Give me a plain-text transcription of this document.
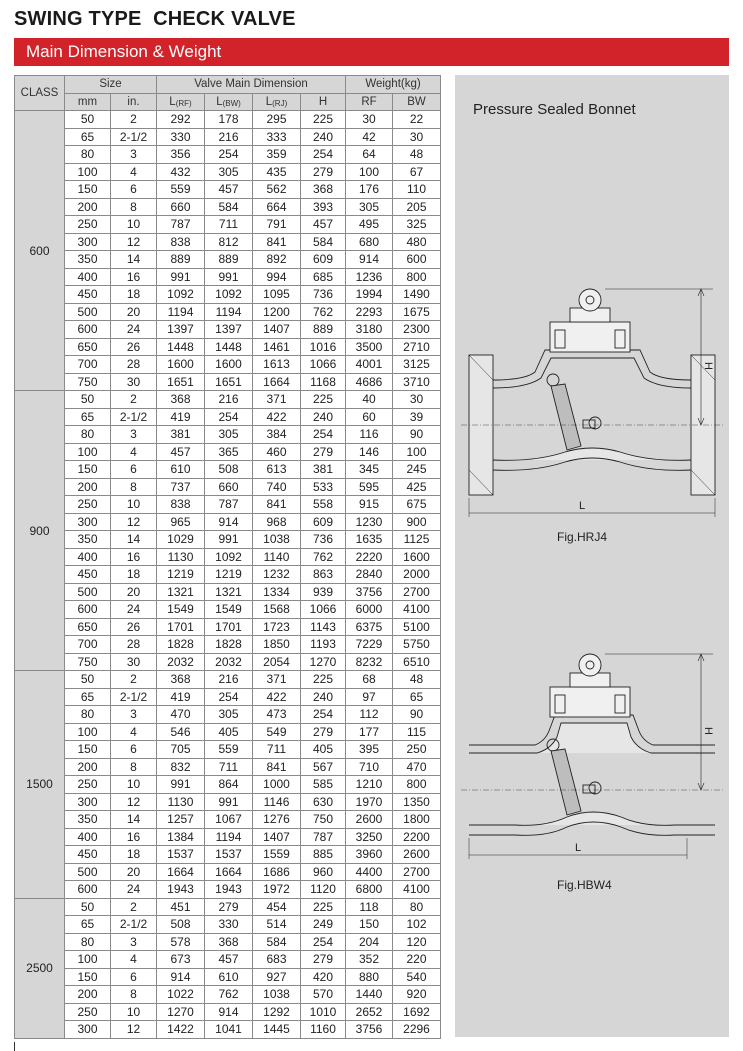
SWING TYPE  CHECK VALVE
Main Dimension & Weight
CLASS	Size		Valve Main Dimension				Weight(kg)	
	mm	in.	$L_{(RF)}$	$L_{(BW)}$	$L_{(RJ)}$	H	RF	BW
600	50	2	292	178	295	225	30	22
	65	2-1/2	330	216	333	240	42	30
	80	3	356	254	359	254	64	48
	100	4	432	305	435	279	100	67
	150	6	559	457	562	368	176	110
	200	8	660	584	664	393	305	205
	250	10	787	711	791	457	495	325
	300	12	838	812	841	584	680	480
	350	14	889	889	892	609	914	600
	400	16	991	991	994	685	1236	800
	450	18	1092	1092	1095	736	1994	1490
	500	20	1194	1194	1200	762	2293	1675
	600	24	1397	1397	1407	889	3180	2300
	650	26	1448	1448	1461	1016	3500	2710
	700	28	1600	1600	1613	1066	4001	3125
	750	30	1651	1651	1664	1168	4686	3710
900	50	2	368	216	371	225	40	30
	65	2-1/2	419	254	422	240	60	39
	80	3	381	305	384	254	116	90
	100	4	457	365	460	279	146	100
	150	6	610	508	613	381	345	245
	200	8	737	660	740	533	595	425
	250	10	838	787	841	558	915	675
	300	12	965	914	968	609	1230	900
	350	14	1029	991	1038	736	1635	1125
	400	16	1130	1092	1140	762	2220	1600
	450	18	1219	1219	1232	863	2840	2000
	500	20	1321	1321	1334	939	3756	2700
	600	24	1549	1549	1568	1066	6000	4100
	650	26	1701	1701	1723	1143	6375	5100
	700	28	1828	1828	1850	1193	7229	5750
	750	30	2032	2032	2054	1270	8232	6510
1500	50	2	368	216	371	225	68	48
	65	2-1/2	419	254	422	240	97	65
	80	3	470	305	473	254	112	90
	100	4	546	405	549	279	177	115
	150	6	705	559	711	405	395	250
	200	8	832	711	841	567	710	470
	250	10	991	864	1000	585	1210	800
	300	12	1130	991	1146	630	1970	1350
	350	14	1257	1067	1276	750	2600	1800
	400	16	1384	1194	1407	787	3250	2200
	450	18	1537	1537	1559	885	3960	2600
	500	20	1664	1664	1686	960	4400	2700
	600	24	1943	1943	1972	1120	6800	4100
2500	50	2	451	279	454	225	118	80
	65	2-1/2	508	330	514	249	150	102
	80	3	578	368	584	254	204	120
	100	4	673	457	683	279	352	220
	150	6	914	610	927	420	880	540
	200	8	1022	762	1038	570	1440	920
	250	10	1270	914	1292	1010	2652	1692
	300	12	1422	1041	1445	1160	3756	2296
Pressure Sealed Bonnet
H
L
Fig.HRJ4
H
L
Fig.HBW4
